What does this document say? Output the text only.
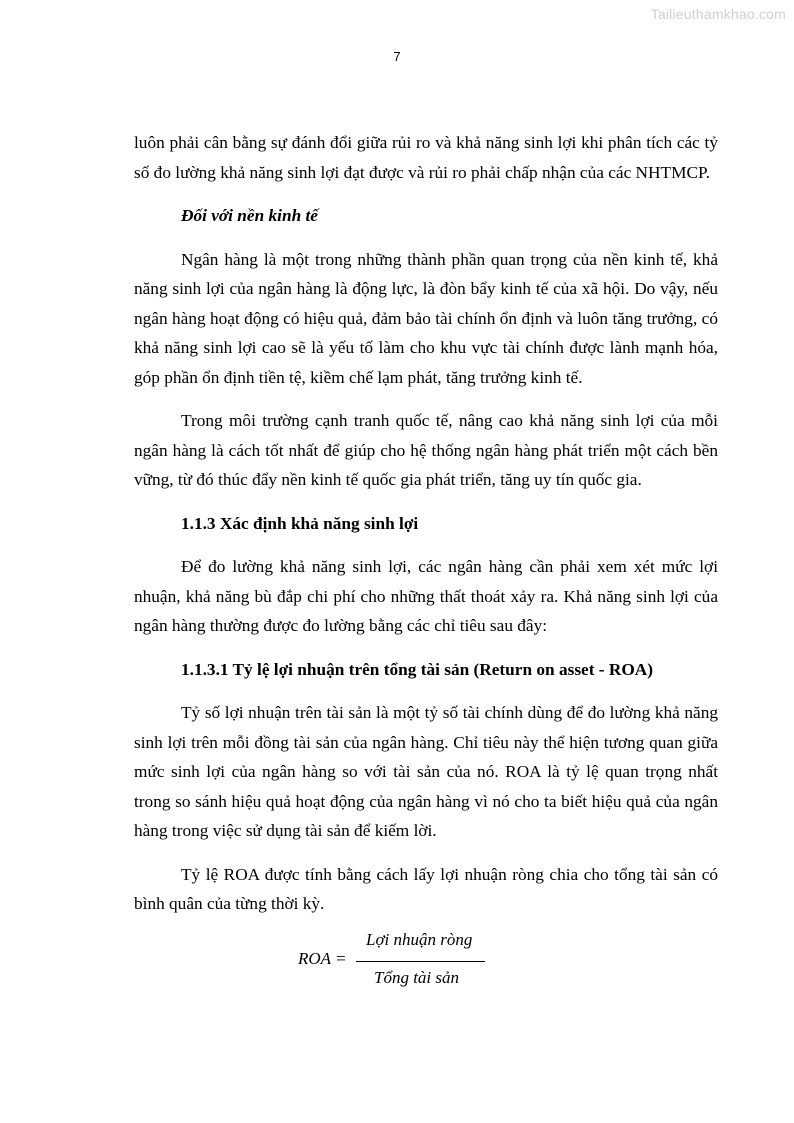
Tailieuthamkhao.com
7

luôn phải cân bằng sự đánh đổi giữa rủi ro và khả năng sinh lợi khi phân tích các tỷ số đo lường khả năng sinh lợi đạt được và rủi ro phải chấp nhận của các NHTMCP.

Đối với nền kinh tế

Ngân hàng là một trong những thành phần quan trọng của nền kinh tế, khả năng sinh lợi của ngân hàng là động lực, là đòn bẩy kinh tế của xã hội. Do vậy, nếu ngân hàng hoạt động có hiệu quả, đảm bảo tài chính ổn định và luôn tăng trưởng, có khả năng sinh lợi cao sẽ là yếu tố làm cho khu vực tài chính được lành mạnh hóa, góp phần ổn định tiền tệ, kiềm chế lạm phát, tăng trưởng kinh tế.

Trong môi trường cạnh tranh quốc tế, nâng cao khả năng sinh lợi của mỗi ngân hàng là cách tốt nhất để giúp cho hệ thống ngân hàng phát triển một cách bền vững, từ đó thúc đẩy nền kinh tế quốc gia phát triển, tăng uy tín quốc gia.

1.1.3 Xác định khả năng sinh lợi

Để đo lường khả năng sinh lợi, các ngân hàng cần phải xem xét mức lợi nhuận, khả năng bù đắp chi phí cho những thất thoát xảy ra. Khả năng sinh lợi của ngân hàng thường được đo lường bằng các chỉ tiêu sau đây:

1.1.3.1 Tỷ lệ lợi nhuận trên tổng tài sản (Return on asset - ROA)

Tỷ số lợi nhuận trên tài sản là một tỷ số tài chính dùng để đo lường khả năng sinh lợi trên mỗi đồng tài sản của ngân hàng. Chỉ tiêu này thể hiện tương quan giữa mức sinh lợi của ngân hàng so với tài sản của nó. ROA là tỷ lệ quan trọng nhất trong so sánh hiệu quả hoạt động của ngân hàng vì nó cho ta biết hiệu quả của ngân hàng trong việc sử dụng tài sản để kiếm lời.

Tỷ lệ ROA được tính bằng cách lấy lợi nhuận ròng chia cho tổng tài sản có bình quân của từng thời kỳ.

ROA =
Lợi nhuận ròng
Tổng tài sản
